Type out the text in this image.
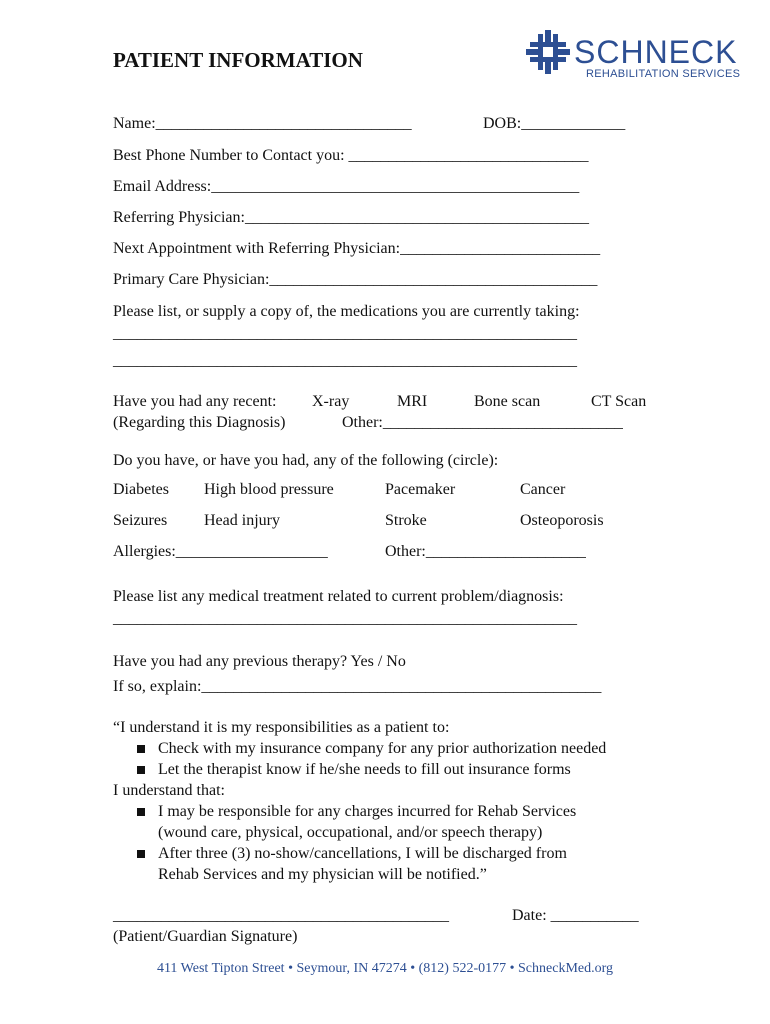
PATIENT INFORMATION	SCHNECK
REHABILITATION SERVICES
Name:________________________________	DOB:_____________
Best Phone Number to Contact you: ______________________________
Email Address:______________________________________________
Referring Physician:___________________________________________
Next Appointment with Referring Physician:_________________________
Primary Care Physician:_________________________________________
Please list, or supply a copy of, the medications you are currently taking:
__________________________________________________________
__________________________________________________________
Have you had any recent: X-ray	MRI	Bone scan	CT Scan
(Regarding this Diagnosis)	Other:______________________________
Do you have, or have you had, any of the following (circle):
Diabetes High blood pressure	Pacemaker	Cancer
Seizures Head injury	Stroke	Osteoporosis
Allergies:___________________	Other:____________________
Please list any medical treatment related to current problem/diagnosis:
__________________________________________________________
Have you had any previous therapy? Yes / No
If so, explain:__________________________________________________
“I understand it is my responsibilities as a patient to:
Check with my insurance company for any prior authorization needed
Let the therapist know if he/she needs to fill out insurance forms
I understand that:
I may be responsible for any charges incurred for Rehab Services
(wound care, physical, occupational, and/or speech therapy)
After three (3) no-show/cancellations, I will be discharged from
Rehab Services and my physician will be notified.”
__________________________________________	Date: ___________
(Patient/Guardian Signature)
411 West Tipton Street • Seymour, IN 47274 • (812) 522-0177 • SchneckMed.org
